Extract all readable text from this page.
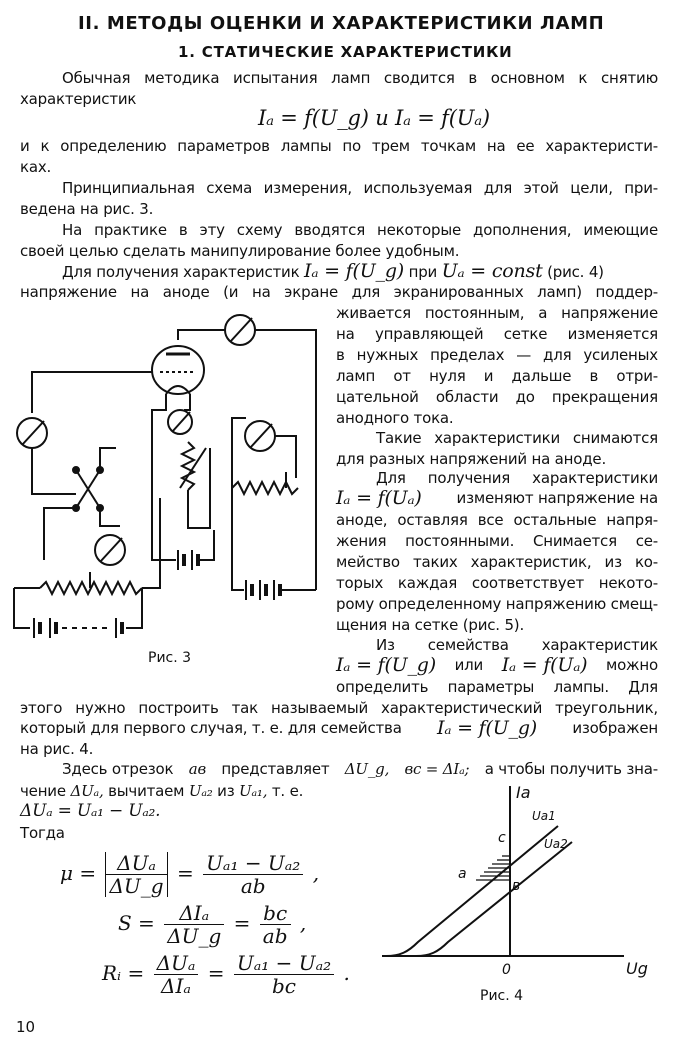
II. МЕТОДЫ ОЦЕНКИ И ХАРАКТЕРИСТИКИ ЛАМП
1. СТАТИЧЕСКИЕ ХАРАКТЕРИСТИКИ
Обычная методика испытания ламп сводится в основном к снятию
характеристик
Iₐ = f(U_g) и Iₐ = f(Uₐ)
и к определению параметров лампы по трем точкам на ее характеристи-
ках.
Принципиальная схема измерения, используемая для этой цели, при-
ведена на рис. 3.
На практике в эту схему вводятся некоторые дополнения, имеющие
своей целью сделать манипулирование более удобным.
Для получения характеристик Iₐ = f(U_g) при Uₐ = const (рис. 4)
напряжение на аноде (и на экране для экранированных ламп) поддер-
живается постоянным, а напряжение
на управляющей сетке изменяется
в нужных пределах — для усиленых
ламп от нуля и дальше в отри-
цательной области до прекращения
анодного тока.
Такие характеристики снимаются
для разных напряжений на аноде.
Для получения характеристики
Iₐ = f(Uₐ) изменяют напряжение на
аноде, оставляя все остальные напря-
жения постоянными. Снимается се-
мейство таких характеристик, из ко-
торых каждая соответствует некото-
рому определенному напряжению смещ-
щения на сетке (рис. 5).
Из семейства характеристик
Iₐ = f(U_g) или Iₐ = f(Uₐ) можно
определить параметры лампы. Для
этого нужно построить так называемый характеристический треугольник,
который для первого случая, т. е. для семейства Iₐ = f(U_g) изображен
на рис. 4.
Здесь отрезок ав представляет ΔU_g, вс = ΔIₐ; а чтобы получить зна-
чение ΔUₐ, вычитаем Uₐ₂ из Uₐ₁, т. е.
ΔUₐ = Uₐ₁ − Uₐ₂.
Тогда
$\mu = \frac{\text{ΔUₐ}}{\Delta U\_g} = \frac{\text{Uₐ₁ − Uₐ₂}}{ab}$ ,
$S = \frac{\text{ΔIₐ}}{\Delta U\_g} = \frac{bc}{ab}$ ,
Rᵢ = $\frac{\text{ΔUₐ}}{\text{ΔIₐ}} = \frac{\text{Uₐ₁ − Uₐ₂}}{bc}$ .
Рис. 3
Ia
Ug
0
Ua1
Ua2
a
в
c
Рис. 4
10
